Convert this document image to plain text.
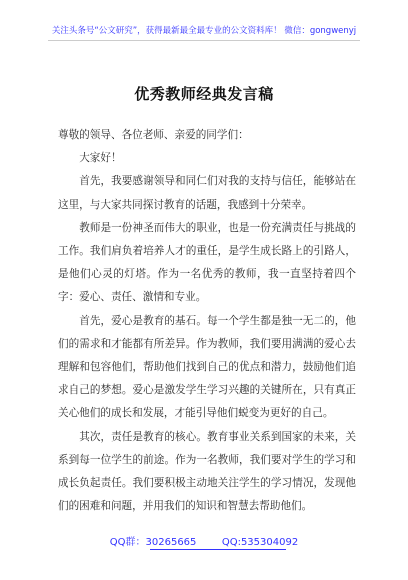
关注头条号“公文研究”，获得最新最全最专业的公文资料库！ 微信：gongwenyj
优秀教师经典发言稿

尊敬的领导、各位老师、亲爱的同学们：

大家好！

首先，我要感谢领导和同仁们对我的支持与信任，能够站在这里，与大家共同探讨教育的话题，我感到十分荣幸。

教师是一份神圣而伟大的职业，也是一份充满责任与挑战的工作。我们肩负着培养人才的重任，是学生成长路上的引路人，是他们心灵的灯塔。作为一名优秀的教师，我一直坚持着四个字：爱心、责任、激情和专业。

首先，爱心是教育的基石。每一个学生都是独一无二的，他们的需求和才能都有所差异。作为教师，我们要用满满的爱心去理解和包容他们，帮助他们找到自己的优点和潜力，鼓励他们追求自己的梦想。爱心是激发学生学习兴趣的关键所在，只有真正关心他们的成长和发展，才能引导他们蜕变为更好的自己。

其次，责任是教育的核心。教育事业关系到国家的未来，关系到每一位学生的前途。作为一名教师，我们要对学生的学习和成长负起责任。我们要积极主动地关注学生的学习情况，发现他们的困难和问题，并用我们的知识和智慧去帮助他们。

QQ群：30265665        QQ:535304092
